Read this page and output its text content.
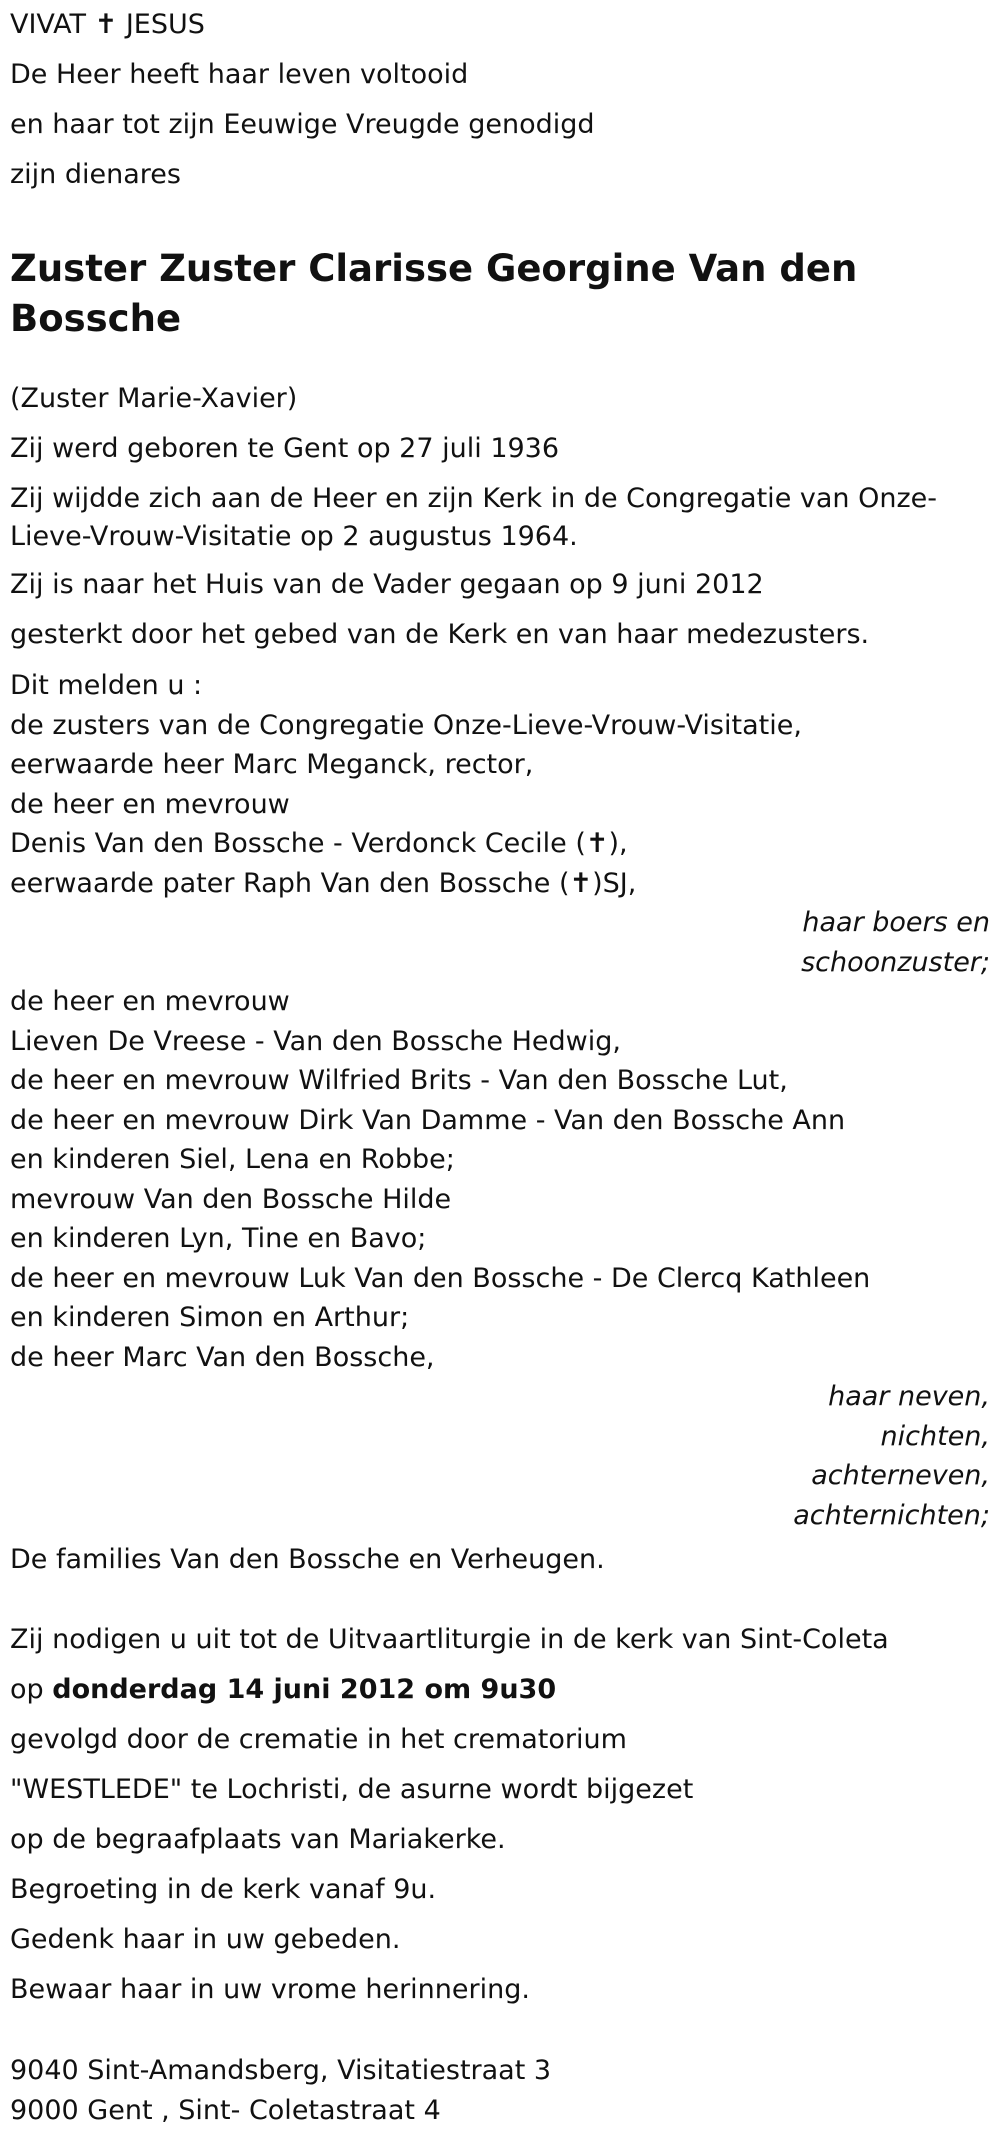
VIVAT ✝ JESUS

De Heer heeft haar leven voltooid

en haar tot zijn Eeuwige Vreugde genodigd

zijn dienares

Zuster Zuster Clarisse Georgine Van den Bossche

(Zuster Marie-Xavier)

Zij werd geboren te Gent op 27 juli 1936

Zij wijdde zich aan de Heer en zijn Kerk in de Congregatie van Onze-Lieve-Vrouw-Visitatie op 2 augustus 1964.

Zij is naar het Huis van de Vader gegaan op 9 juni 2012

gesterkt door het gebed van de Kerk en van haar medezusters.

Dit melden u :

de zusters van de Congregatie Onze-Lieve-Vrouw-Visitatie,

eerwaarde heer Marc Meganck, rector,

de heer en mevrouw

Denis Van den Bossche - Verdonck Cecile (✝),

eerwaarde pater Raph Van den Bossche (✝)SJ,

haar boers en

schoonzuster;

de heer en mevrouw

Lieven De Vreese - Van den Bossche Hedwig,

de heer en mevrouw Wilfried Brits - Van den Bossche Lut,

de heer en mevrouw Dirk Van Damme - Van den Bossche Ann

en kinderen Siel, Lena en Robbe;

mevrouw Van den Bossche Hilde

en kinderen Lyn, Tine en Bavo;

de heer en mevrouw Luk Van den Bossche - De Clercq Kathleen

en kinderen Simon en Arthur;

de heer Marc Van den Bossche,

haar neven,

nichten,

achterneven,

achternichten;

De families Van den Bossche en Verheugen.

Zij nodigen u uit tot de Uitvaartliturgie in de kerk van Sint-Coleta

op donderdag 14 juni 2012 om 9u30

gevolgd door de crematie in het crematorium

"WESTLEDE" te Lochristi, de asurne wordt bijgezet

op de begraafplaats van Mariakerke.

Begroeting in de kerk vanaf 9u.

Gedenk haar in uw gebeden.

Bewaar haar in uw vrome herinnering.

9040 Sint-Amandsberg, Visitatiestraat 3

9000 Gent , Sint- Coletastraat 4
